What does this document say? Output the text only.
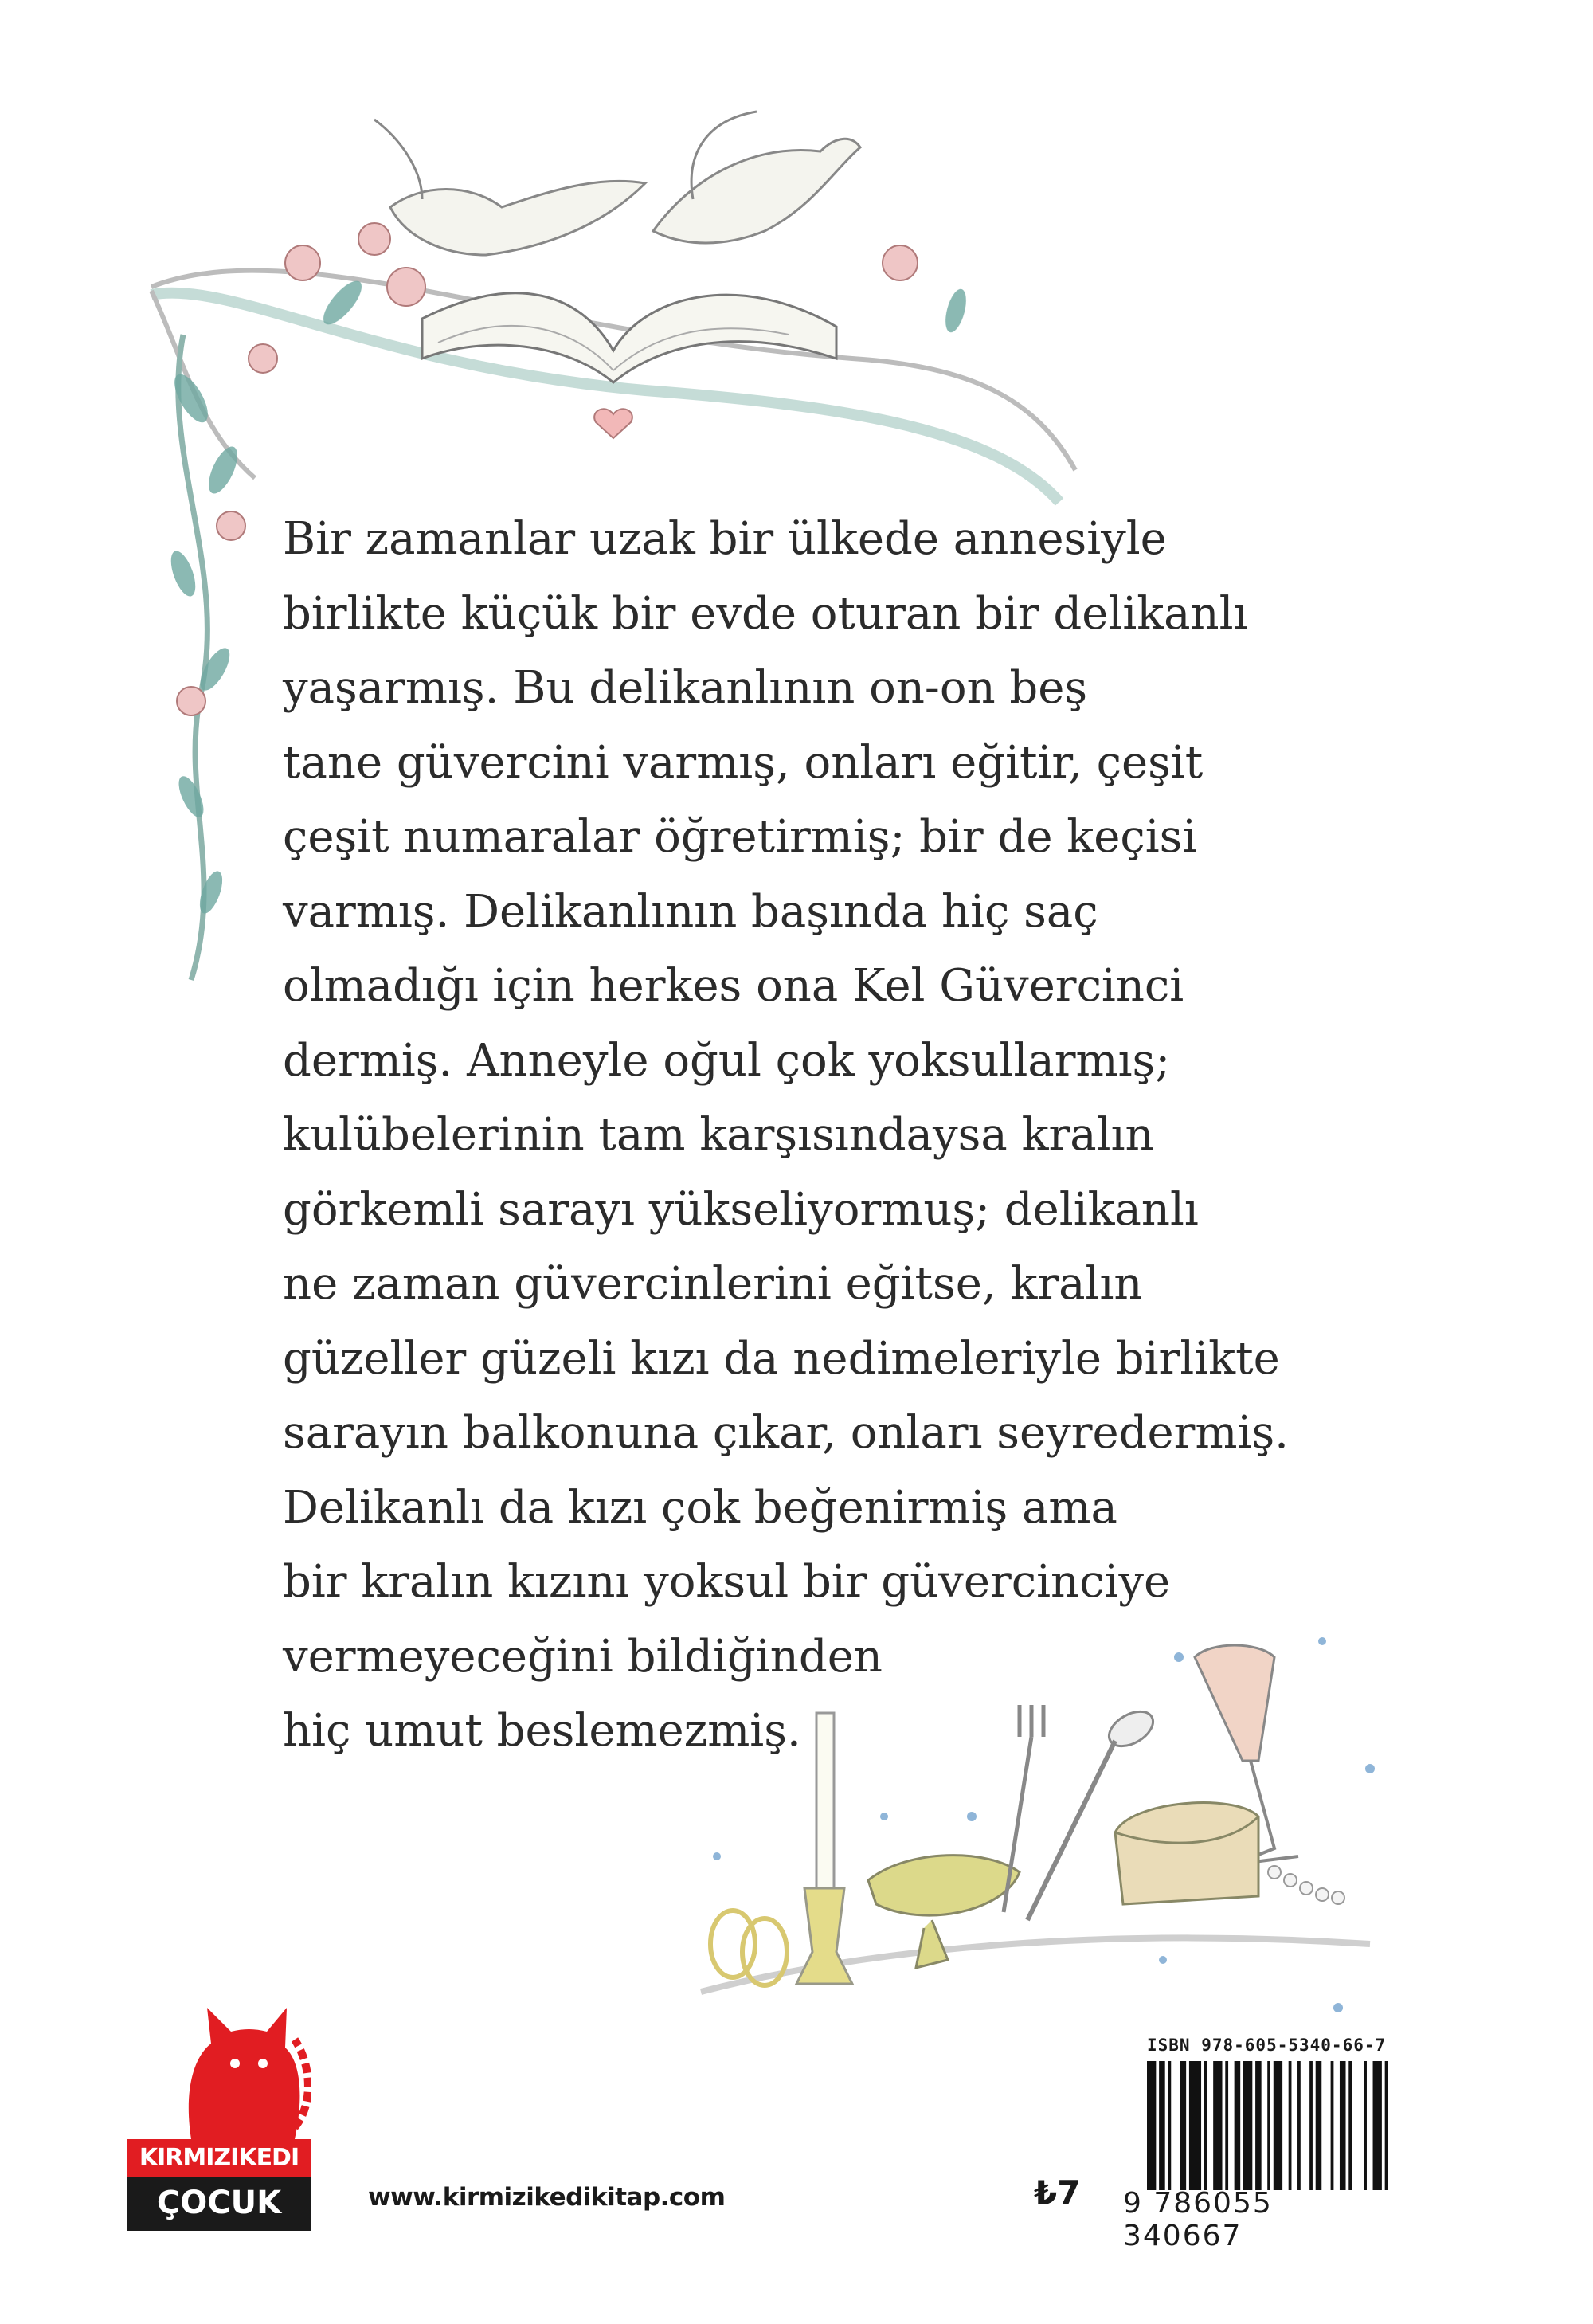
Bir zamanlar uzak bir ülkede annesiyle
birlikte küçük bir evde oturan bir delikanlı
yaşarmış. Bu delikanlının on-on beş
tane güvercini varmış, onları eğitir, çeşit
çeşit numaralar öğretirmiş; bir de keçisi
varmış. Delikanlının başında hiç saç
olmadığı için herkes ona Kel Güvercinci
dermiş. Anneyle oğul çok yoksullarmış;
kulübelerinin tam karşısındaysa kralın
görkemli sarayı yükseliyormuş; delikanlı
ne zaman güvercinlerini eğitse, kralın
güzeller güzeli kızı da nedimeleriyle birlikte
sarayın balkonuna çıkar, onları seyredermiş.
Delikanlı da kızı çok beğenirmiş ama
bir kralın kızını yoksul bir güvercinciye
vermeyeceğini bildiğinden
hiç umut beslemezmiş.
KIRMIZIKEDI
ÇOCUK	www.kirmizikedikitap.com	₺7
ISBN 978-605-5340-66-7
9 786055 340667
